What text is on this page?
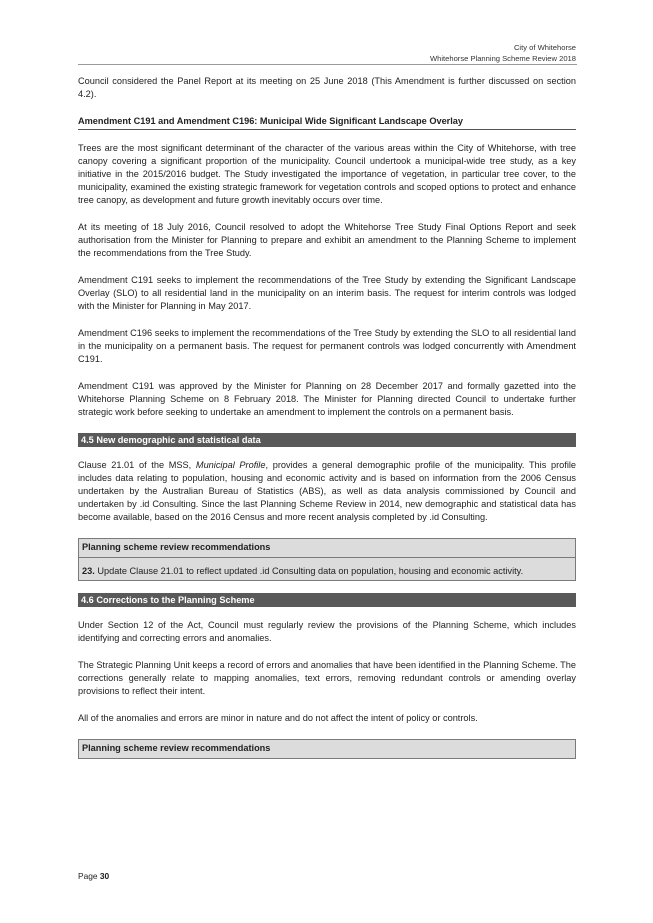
City of Whitehorse
Whitehorse Planning Scheme Review 2018

Council considered the Panel Report at its meeting on 25 June 2018 (This Amendment is further discussed on section 4.2).

Amendment C191 and Amendment C196: Municipal Wide Significant Landscape Overlay

Trees are the most significant determinant of the character of the various areas within the City of Whitehorse, with tree canopy covering a significant proportion of the municipality. Council undertook a municipal-wide tree study, as a key initiative in the 2015/2016 budget. The Study investigated the importance of vegetation, in particular tree cover, to the municipality, examined the existing strategic framework for vegetation controls and scoped options to protect and enhance tree canopy, as development and future growth inevitably occurs over time.

At its meeting of 18 July 2016, Council resolved to adopt the Whitehorse Tree Study Final Options Report and seek authorisation from the Minister for Planning to prepare and exhibit an amendment to the Planning Scheme to implement the recommendations from the Tree Study.

Amendment C191 seeks to implement the recommendations of the Tree Study by extending the Significant Landscape Overlay (SLO) to all residential land in the municipality on an interim basis. The request for interim controls was lodged with the Minister for Planning in May 2017.

Amendment C196 seeks to implement the recommendations of the Tree Study by extending the SLO to all residential land in the municipality on a permanent basis. The request for permanent controls was lodged concurrently with Amendment C191.

Amendment C191 was approved by the Minister for Planning on 28 December 2017 and formally gazetted into the Whitehorse Planning Scheme on 8 February 2018. The Minister for Planning directed Council to undertake further strategic work before seeking to undertake an amendment to implement the controls on a permanent basis.

4.5 New demographic and statistical data

Clause 21.01 of the MSS, Municipal Profile, provides a general demographic profile of the municipality. This profile includes data relating to population, housing and economic activity and is based on information from the 2006 Census undertaken by the Australian Bureau of Statistics (ABS), as well as data analysis commissioned by Council and undertaken by .id Consulting. Since the last Planning Scheme Review in 2014, new demographic and statistical data has become available, based on the 2016 Census and more recent analysis completed by .id Consulting.

Planning scheme review recommendations
23. Update Clause 21.01 to reflect updated .id Consulting data on population, housing and economic activity.
4.6 Corrections to the Planning Scheme

Under Section 12 of the Act, Council must regularly review the provisions of the Planning Scheme, which includes identifying and correcting errors and anomalies.

The Strategic Planning Unit keeps a record of errors and anomalies that have been identified in the Planning Scheme. The corrections generally relate to mapping anomalies, text errors, removing redundant controls or amending overlay provisions to reflect their intent.

All of the anomalies and errors are minor in nature and do not affect the intent of policy or controls.

Planning scheme review recommendations
Page 30
